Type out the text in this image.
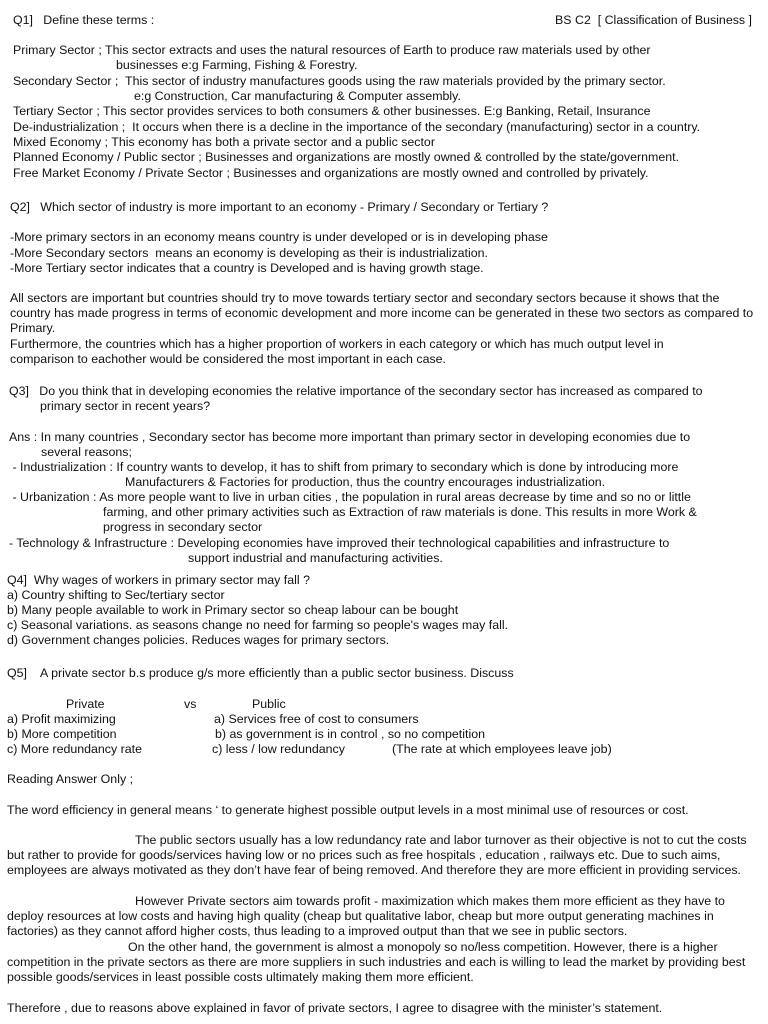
Q1]   Define these terms :	BS C2  [ Classification of Business ]
Primary Sector ; This sector extracts and uses the natural resources of Earth to produce raw materials used by other
businesses e:g Farming, Fishing & Forestry.
Secondary Sector ;  This sector of industry manufactures goods using the raw materials provided by the primary sector.
e:g Construction, Car manufacturing & Computer assembly.
Tertiary Sector ; This sector provides services to both consumers & other businesses. E:g Banking, Retail, Insurance
De-industrialization ;  It occurs when there is a decline in the importance of the secondary (manufacturing) sector in a country.
Mixed Economy ; This economy has both a private sector and a public sector
Planned Economy / Public sector ; Businesses and organizations are mostly owned & controlled by the state/government.
Free Market Economy / Private Sector ; Businesses and organizations are mostly owned and controlled by privately.
Q2]   Which sector of industry is more important to an economy - Primary / Secondary or Tertiary ?
-More primary sectors in an economy means country is under developed or is in developing phase
-More Secondary sectors  means an economy is developing as their is industrialization.
-More Tertiary sector indicates that a country is Developed and is having growth stage.
All sectors are important but countries should try to move towards tertiary sector and secondary sectors because it shows that the country has made progress in terms of economic development and more income can be generated in these two sectors as compared to Primary.
Furthermore, the countries which has a higher proportion of workers in each category or which has much output level in comparison to eachother would be considered the most important in each case.
Q3]   Do you think that in developing economies the relative importance of the secondary sector has increased as compared to
primary sector in recent years?
Ans : In many countries , Secondary sector has become more important than primary sector in developing economies due to
several reasons;
- Industrialization : If country wants to develop, it has to shift from primary to secondary which is done by introducing more
Manufacturers & Factories for production, thus the country encourages industrialization.
- Urbanization : As more people want to live in urban cities , the population in rural areas decrease by time and so no or little
farming, and other primary activities such as Extraction of raw materials is done. This results in more Work &
progress in secondary sector
- Technology & Infrastructure : Developing economies have improved their technological capabilities and infrastructure to
support industrial and manufacturing activities.
Q4]  Why wages of workers in primary sector may fall ?
a) Country shifting to Sec/tertiary sector
b) Many people available to work in Primary sector so cheap labour can be bought
c) Seasonal variations. as seasons change no need for farming so people's wages may fall.
d) Government changes policies. Reduces wages for primary sectors.
Q5]    A private sector b.s produce g/s more efficiently than a public sector business. Discuss
Private	vs	Public
a) Profit maximizing	a) Services free of cost to consumers
b) More competition	b) as government is in control , so no competition
c) More redundancy rate	c) less / low redundancy	(The rate at which employees leave job)
Reading Answer Only ;
The word efficiency in general means ‘ to generate highest possible output levels in a most minimal use of resources or cost.
The public sectors usually has a low redundancy rate and labor turnover as their objective is not to cut the costs but rather to provide for goods/services having low or no prices such as free hospitals , education , railways etc. Due to such aims, employees are always motivated as they don’t have fear of being removed. And therefore they are more efficient in providing services.
However Private sectors aim towards profit - maximization which makes them more efficient as they have to deploy resources at low costs and having high quality (cheap but qualitative labor, cheap but more output generating machines in factories) as they cannot afford higher costs, thus leading to a improved output than that we see in public sectors.
On the other hand, the government is almost a monopoly so no/less competition. However, there is a higher competition in the private sectors as there are more suppliers in such industries and each is willing to lead the market by providing best possible goods/services in least possible costs ultimately making them more efficient.
Therefore , due to reasons above explained in favor of private sectors, I agree to disagree with the minister’s statement.
